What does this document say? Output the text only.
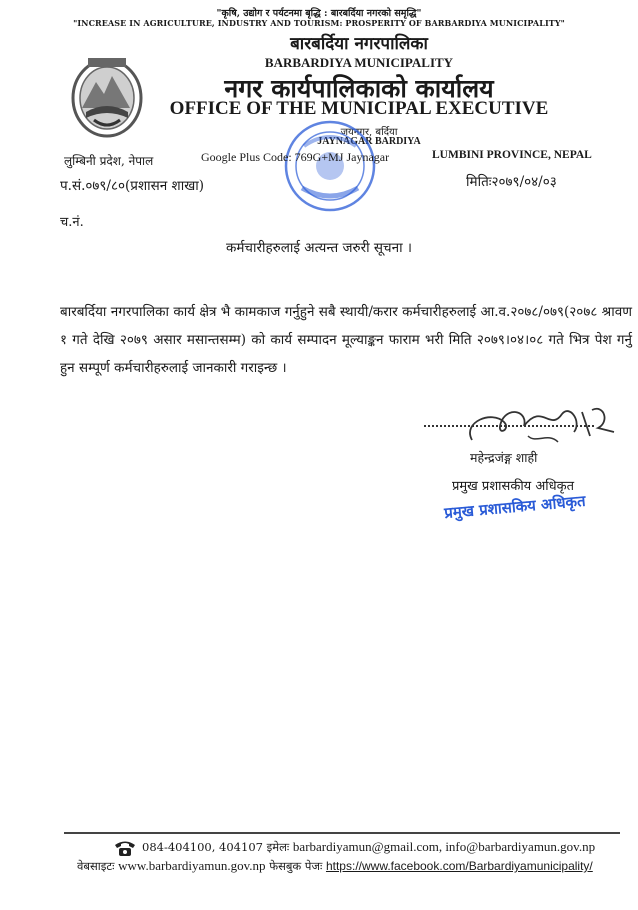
"कृषि, उद्योग र पर्यटनमा बृद्धि : बारबर्दिया नगरको समृद्धि"
"INCREASE IN AGRICULTURE, INDUSTRY AND TOURISM: PROSPERITY OF BARBARDIYA MUNICIPALITY"
बारबर्दिया नगरपालिका
BARBARDIYA MUNICIPALITY
नगर कार्यपालिकाको कार्यालय
OFFICE OF THE MUNICIPAL EXECUTIVE
जयनगर, बर्दिया
JAYNAGAR BARDIYA
लुम्बिनी प्रदेश, नेपाल	Google Plus Code: 769G+MJ Jaynagar	LUMBINI PROVINCE, NEPAL
प.सं.०७९/८०(प्रशासन शाखा)	मितिः२०७९/०४/०३
च.नं.
कर्मचारीहरुलाई अत्यन्त जरुरी सूचना ।
बारबर्दिया नगरपालिका कार्य क्षेत्र भै कामकाज गर्नुहुने सबै स्थायी/करार कर्मचारीहरुलाई आ.व.२०७८/०७९(२०७८ श्रावण १ गते देखि २०७९ असार मसान्तसम्म) को कार्य सम्पादन मूल्याङ्कन फाराम भरी मिति २०७९।०४।०८ गते भित्र पेश गर्नु हुन सम्पूर्ण कर्मचारीहरुलाई जानकारी गराइन्छ ।
महेन्द्रजंङ्ग शाही
प्रमुख प्रशासकीय अधिकृत
प्रमुख प्रशासकिय अधिकृत
084-404100, 404107 इमेलः barbardiyamun@gmail.com, info@barbardiyamun.gov.np
वेबसाइटः www.barbardiyamun.gov.np फेसबुक पेजः https://www.facebook.com/Barbardiyamunicipality/
